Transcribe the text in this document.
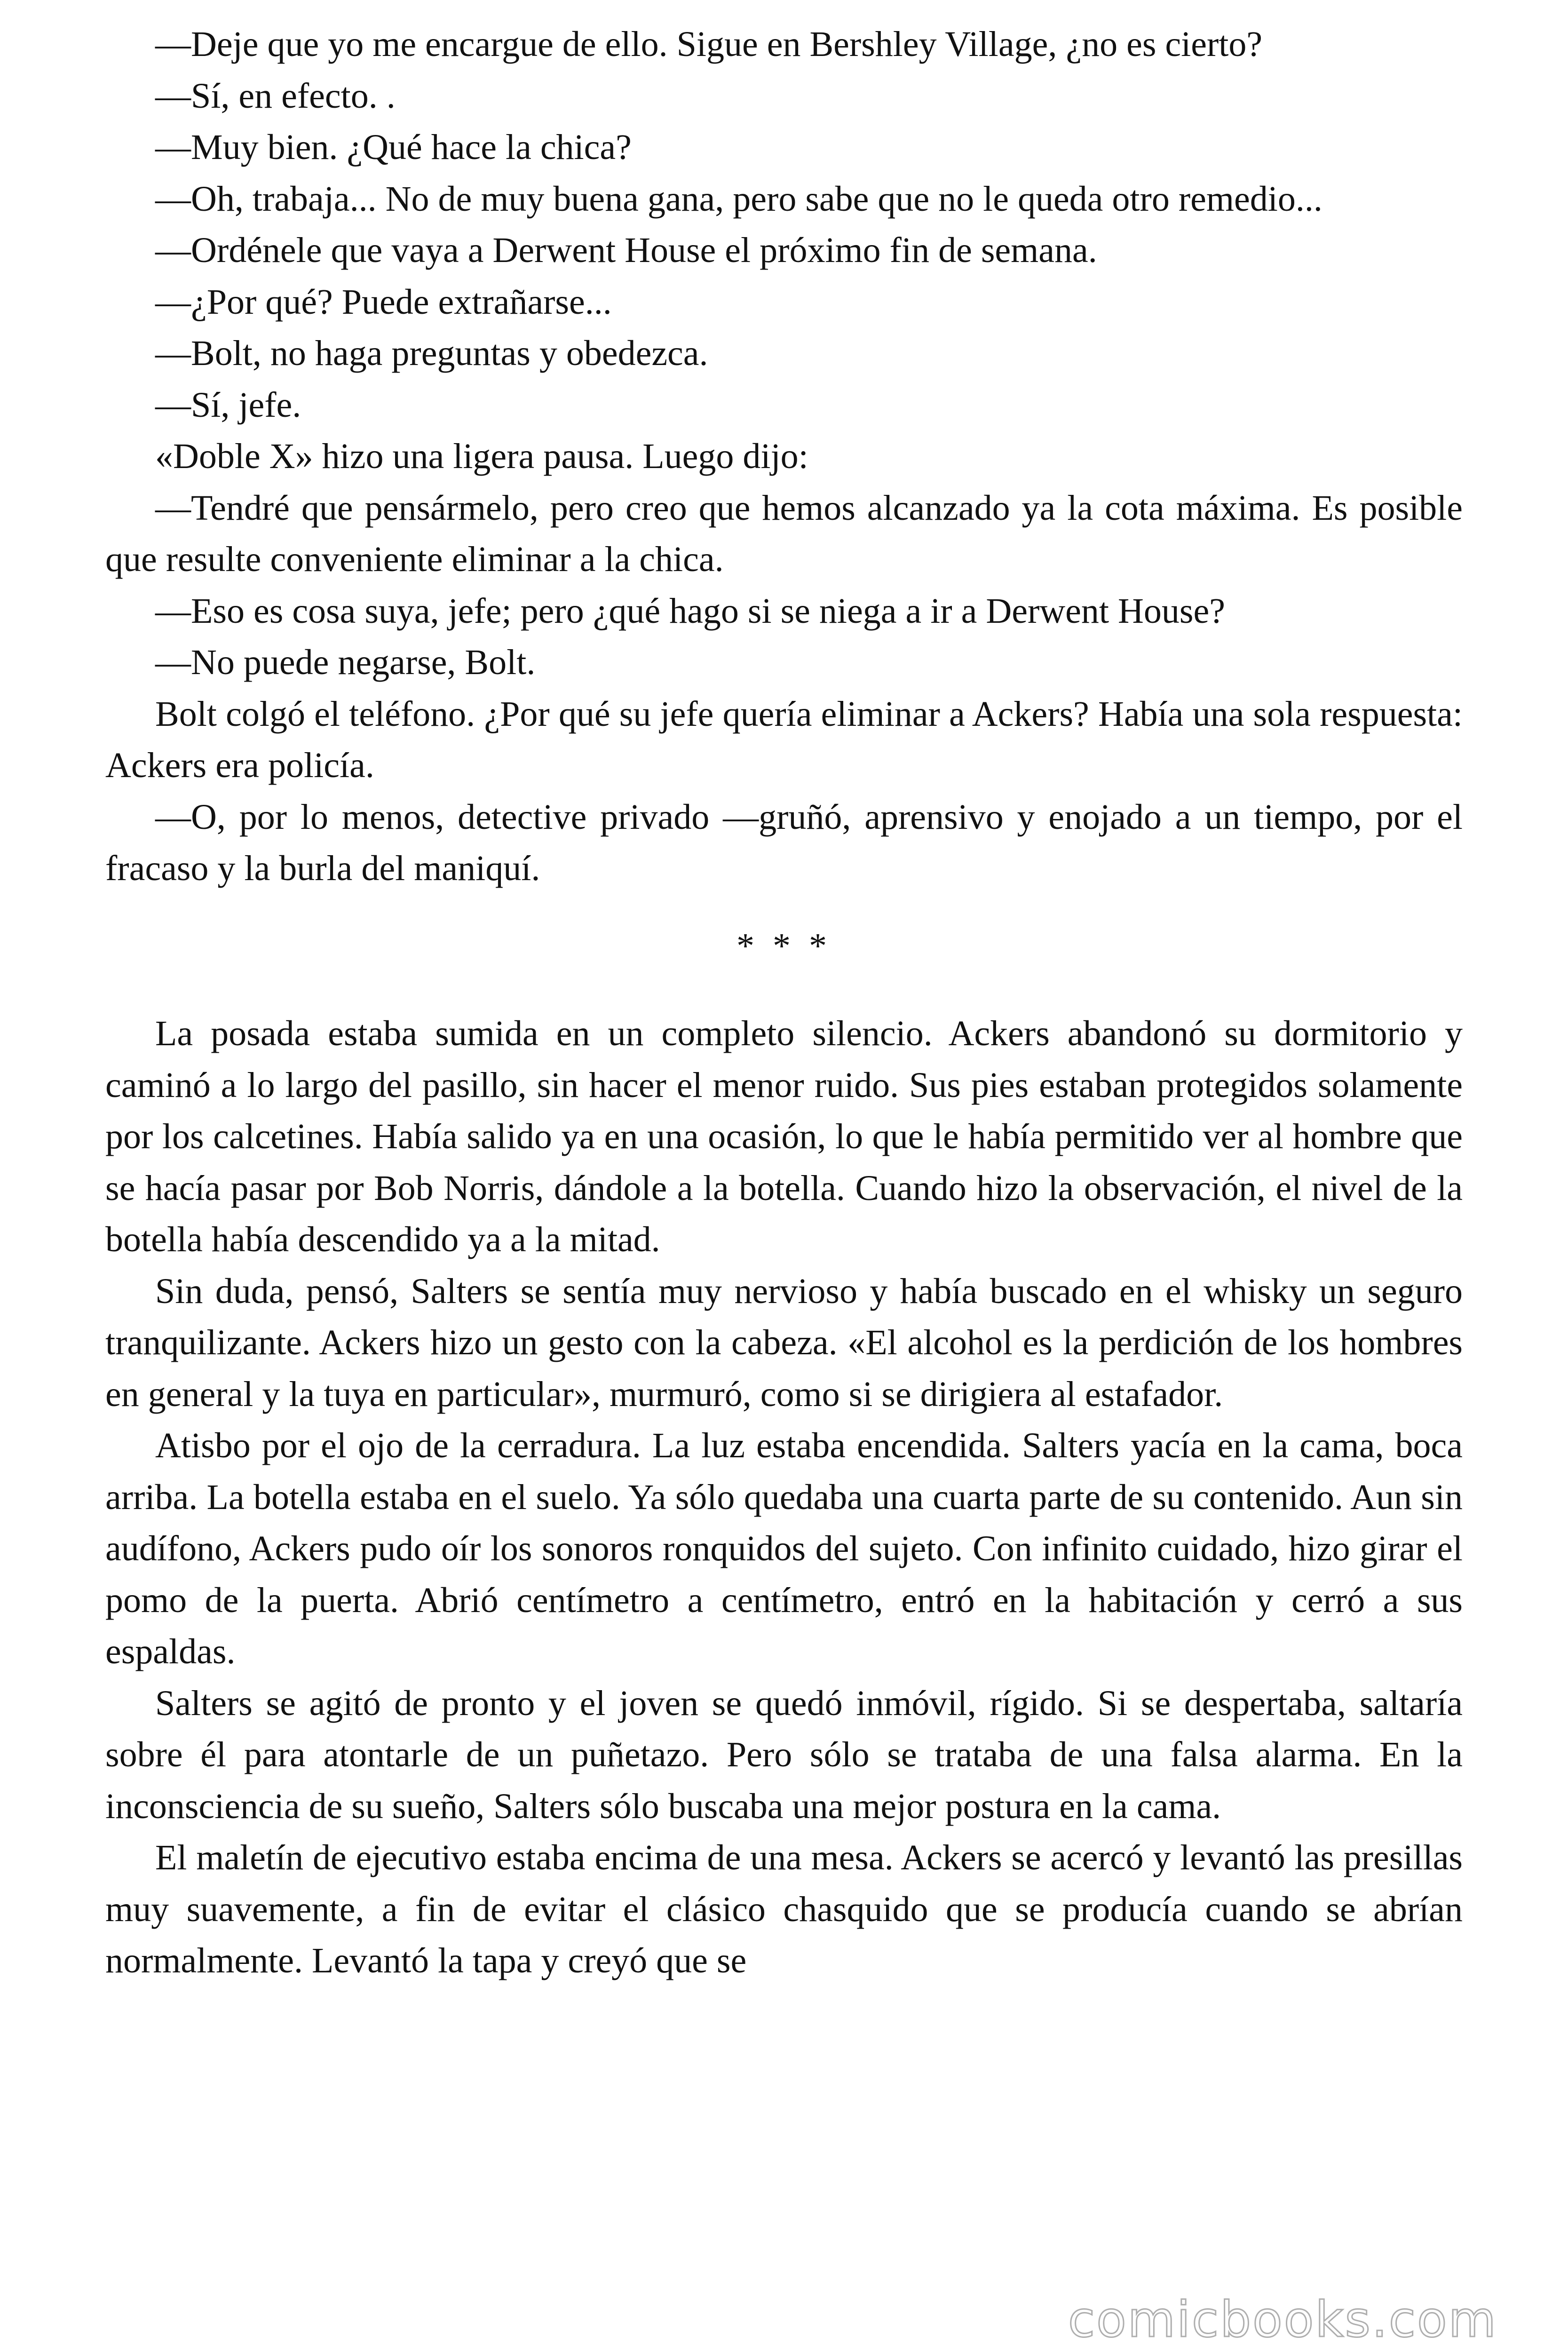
—Deje que yo me encargue de ello. Sigue en Bershley Village, ¿no es cierto?

—Sí, en efecto. .

—Muy bien. ¿Qué hace la chica?

—Oh, trabaja... No de muy buena gana, pero sabe que no le queda otro remedio...

—Ordénele que vaya a Derwent House el próximo fin de semana.

—¿Por qué? Puede extrañarse...

—Bolt, no haga preguntas y obedezca.

—Sí, jefe.

«Doble X» hizo una ligera pausa. Luego dijo:

—Tendré que pensármelo, pero creo que hemos alcanzado ya la cota máxima. Es posible que resulte conveniente eliminar a la chica.

—Eso es cosa suya, jefe; pero ¿qué hago si se niega a ir a Derwent House?

—No puede negarse, Bolt.

Bolt colgó el teléfono. ¿Por qué su jefe quería eliminar a Ackers? Había una sola respuesta: Ackers era policía.

—O, por lo menos, detective privado —gruñó, aprensivo y enojado a un tiempo, por el fracaso y la burla del maniquí.

* * *

La posada estaba sumida en un completo silencio. Ackers abandonó su dormitorio y caminó a lo largo del pasillo, sin hacer el menor ruido. Sus pies estaban protegidos solamente por los calcetines. Había salido ya en una ocasión, lo que le había permitido ver al hombre que se hacía pasar por Bob Norris, dándole a la botella. Cuando hizo la observación, el nivel de la botella había descendido ya a la mitad.

Sin duda, pensó, Salters se sentía muy nervioso y había buscado en el whisky un seguro tranquilizante. Ackers hizo un gesto con la cabeza. «El alcohol es la perdición de los hombres en general y la tuya en particular», murmuró, como si se dirigiera al estafador.

Atisbo por el ojo de la cerradura. La luz estaba encendida. Salters yacía en la cama, boca arriba. La botella estaba en el suelo. Ya sólo quedaba una cuarta parte de su contenido. Aun sin audífono, Ackers pudo oír los sonoros ronquidos del sujeto. Con infinito cuidado, hizo girar el pomo de la puerta. Abrió centímetro a centímetro, entró en la habitación y cerró a sus espaldas.

Salters se agitó de pronto y el joven se quedó inmóvil, rígido. Si se despertaba, saltaría sobre él para atontarle de un puñetazo. Pero sólo se trataba de una falsa alarma. En la inconsciencia de su sueño, Salters sólo buscaba una mejor postura en la cama.

El maletín de ejecutivo estaba encima de una mesa. Ackers se acercó y levantó las presillas muy suavemente, a fin de evitar el clásico chasquido que se producía cuando se abrían normalmente. Levantó la tapa y creyó que se

comicbooks.com
